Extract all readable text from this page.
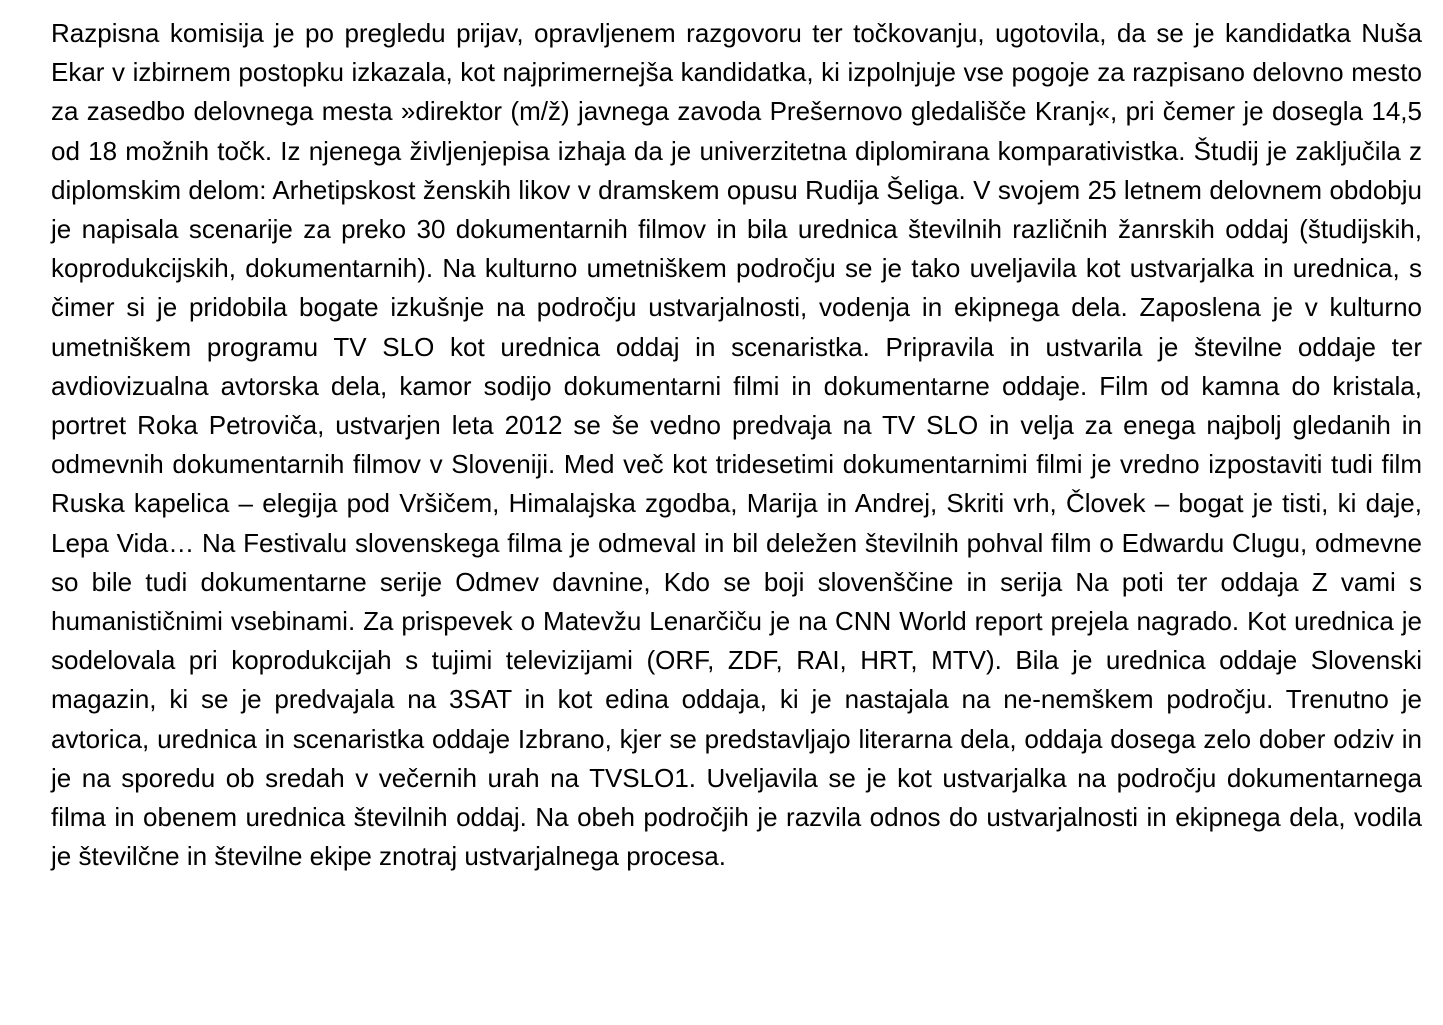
Razpisna komisija je po pregledu prijav, opravljenem razgovoru ter točkovanju, ugotovila, da se je kandidatka Nuša Ekar v izbirnem postopku izkazala, kot najprimernejša kandidatka, ki izpolnjuje vse pogoje za razpisano delovno mesto za zasedbo delovnega mesta »direktor (m/ž) javnega zavoda Prešernovo gledališče Kranj«, pri čemer je dosegla 14,5 od 18 možnih točk. Iz njenega življenjepisa izhaja da je univerzitetna diplomirana komparativistka. Študij je zaključila z diplomskim delom: Arhetipskost ženskih likov v dramskem opusu Rudija Šeliga. V svojem 25 letnem delovnem obdobju je napisala scenarije za preko 30 dokumentarnih filmov in bila urednica številnih različnih žanrskih oddaj (študijskih, koprodukcijskih, dokumentarnih). Na kulturno umetniškem področju se je tako uveljavila kot ustvarjalka in urednica, s čimer si je pridobila bogate izkušnje na področju ustvarjalnosti, vodenja in ekipnega dela. Zaposlena je v kulturno umetniškem programu TV SLO kot urednica oddaj in scenaristka. Pripravila in ustvarila je številne oddaje ter avdiovizualna avtorska dela, kamor sodijo dokumentarni filmi in dokumentarne oddaje. Film od kamna do kristala, portret Roka Petroviča, ustvarjen leta 2012 se še vedno predvaja na TV SLO in velja za enega najbolj gledanih in odmevnih dokumentarnih filmov v Sloveniji. Med več kot tridesetimi dokumentarnimi filmi je vredno izpostaviti tudi film Ruska kapelica – elegija pod Vršičem, Himalajska zgodba, Marija in Andrej, Skriti vrh, Človek – bogat je tisti, ki daje, Lepa Vida… Na Festivalu slovenskega filma je odmeval in bil deležen številnih pohval film o Edwardu Clugu, odmevne so bile tudi dokumentarne serije Odmev davnine, Kdo se boji slovenščine in serija Na poti ter oddaja Z vami s humanističnimi vsebinami. Za prispevek o Matevžu Lenarčiču je na CNN World report prejela nagrado. Kot urednica je sodelovala pri koprodukcijah s tujimi televizijami (ORF, ZDF, RAI, HRT, MTV). Bila je urednica oddaje Slovenski magazin, ki se je predvajala na 3SAT in kot edina oddaja, ki je nastajala na ne-nemškem področju. Trenutno je avtorica, urednica in scenaristka oddaje Izbrano, kjer se predstavljajo literarna dela, oddaja dosega zelo dober odziv in je na sporedu ob sredah v večernih urah na TVSLO1. Uveljavila se je kot ustvarjalka na področju dokumentarnega filma in obenem urednica številnih oddaj. Na obeh področjih je razvila odnos do ustvarjalnosti in ekipnega dela, vodila je številčne in številne ekipe znotraj ustvarjalnega procesa.
